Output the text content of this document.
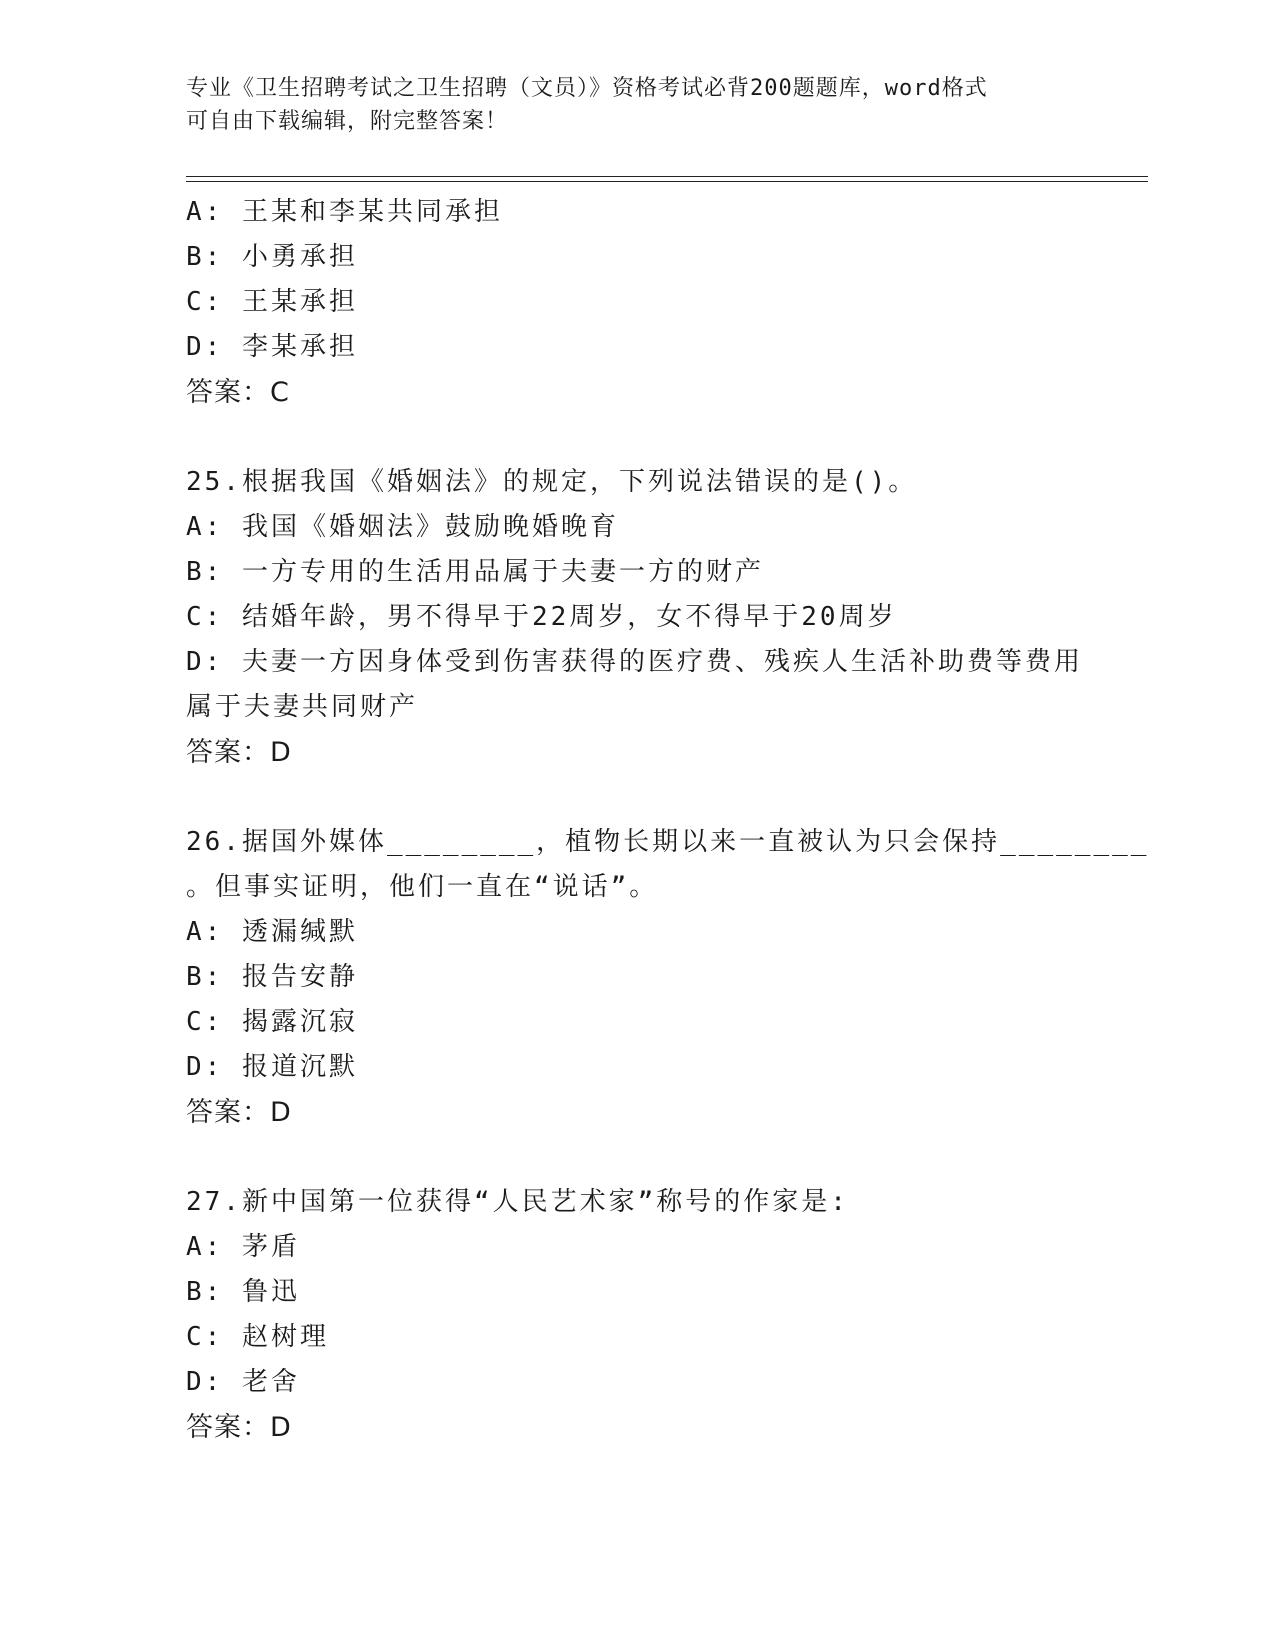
专业《卫生招聘考试之卫生招聘（文员）》资格考试必背200题题库，word格式
可自由下载编辑，附完整答案！
A: 王某和李某共同承担
B: 小勇承担
C: 王某承担
D: 李某承担
答案：C
25.根据我国《婚姻法》的规定，下列说法错误的是()。
A: 我国《婚姻法》鼓励晚婚晚育
B: 一方专用的生活用品属于夫妻一方的财产
C: 结婚年龄，男不得早于22周岁，女不得早于20周岁
D: 夫妻一方因身体受到伤害获得的医疗费、残疾人生活补助费等费用
属于夫妻共同财产
答案：D
26.据国外媒体________，植物长期以来一直被认为只会保持________
。但事实证明，他们一直在“说话”。
A: 透漏缄默
B: 报告安静
C: 揭露沉寂
D: 报道沉默
答案：D
27.新中国第一位获得“人民艺术家”称号的作家是:
A: 茅盾
B: 鲁迅
C: 赵树理
D: 老舍
答案：D
